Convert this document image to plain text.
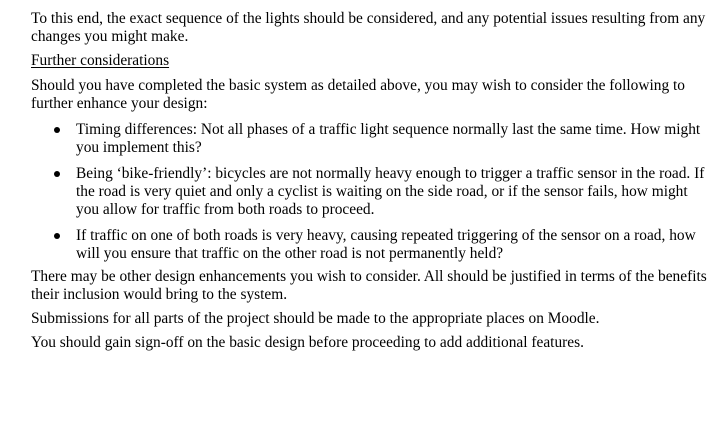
To this end, the exact sequence of the lights should be considered, and any potential issues resulting from any changes you might make.

Further considerations

Should you have completed the basic system as detailed above, you may wish to consider the following to further enhance your design:

Timing differences: Not all phases of a traffic light sequence normally last the same time. How might you implement this?
Being ‘bike-friendly’: bicycles are not normally heavy enough to trigger a traffic sensor in the road. If the road is very quiet and only a cyclist is waiting on the side road, or if the sensor fails, how might you allow for traffic from both roads to proceed.
If traffic on one of both roads is very heavy, causing repeated triggering of the sensor on a road, how will you ensure that traffic on the other road is not permanently held?

There may be other design enhancements you wish to consider. All should be justified in terms of the benefits their inclusion would bring to the system.

Submissions for all parts of the project should be made to the appropriate places on Moodle.

You should gain sign-off on the basic design before proceeding to add additional features.
